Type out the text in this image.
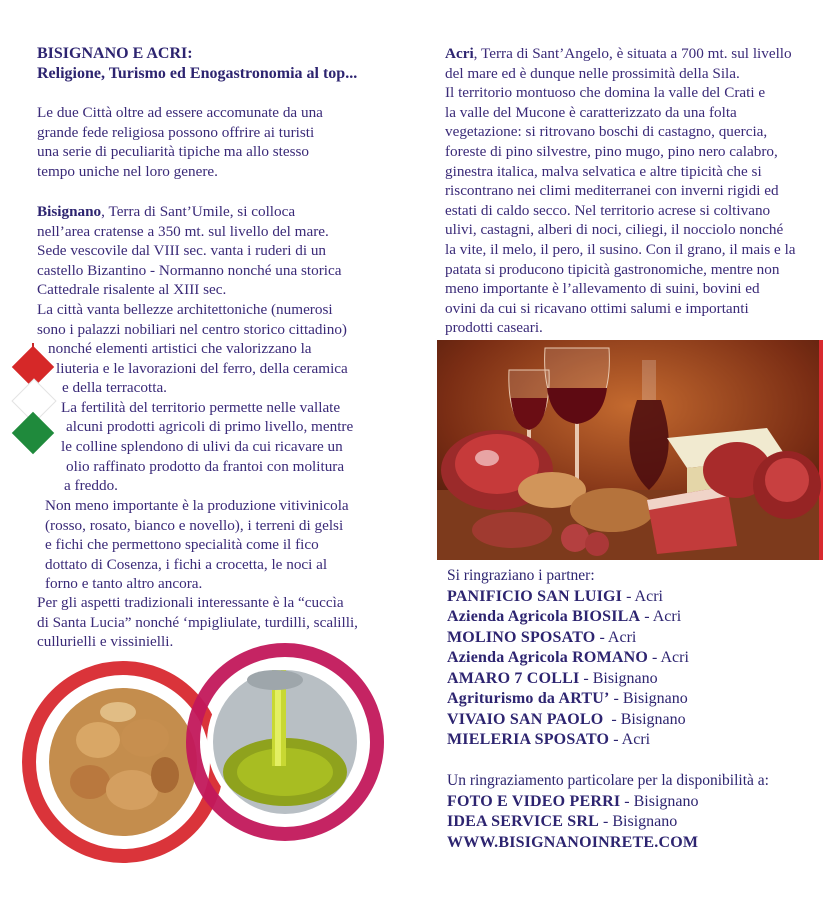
BISIGNANO E ACRI:
Religione, Turismo ed Enogastronomia al top...
Le due Città oltre ad essere accomunate da una
grande fede religiosa possono offrire ai turisti
una serie di peculiarità tipiche ma allo stesso
tempo uniche nel loro genere.
Bisignano, Terra di Sant’Umile, si colloca
nell’area cratense a 350 mt. sul livello del mare.
Sede vescovile dal VIII sec. vanta i ruderi di un
castello Bizantino - Normanno nonché una storica
Cattedrale risalente al XIII sec.
La città vanta bellezze architettoniche (numerosi
sono i palazzi nobiliari nel centro storico cittadino)
nonché elementi artistici che valorizzano la
liuteria e le lavorazioni del ferro, della ceramica
e della terracotta.
La fertilità del territorio permette nelle vallate
alcuni prodotti agricoli di primo livello, mentre
le colline splendono di ulivi da cui ricavare un
olio raffinato prodotto da frantoi con molitura
a freddo.
Non meno importante è la produzione vitivinicola
(rosso, rosato, bianco e novello), i terreni di gelsi
e fichi che permettono specialità come il fico
dottato di Cosenza, i fichi a crocetta, le noci al
forno e tanto altro ancora.
Per gli aspetti tradizionali interessante è la “cuccìa
di Santa Lucia” nonché ‘mpigliulate, turdilli, scalilli,
cullurielli e vissinielli.
Acri, Terra di Sant’Angelo, è situata a 700 mt. sul livello
del mare ed è dunque nelle prossimità della Sila.
Il territorio montuoso che domina la valle del Crati e
la valle del Mucone è caratterizzato da una folta
vegetazione: si ritrovano boschi di castagno, quercia,
foreste di pino silvestre, pino mugo, pino nero calabro,
ginestra italica, malva selvatica e altre tipicità che si
riscontrano nei climi mediterranei con inverni rigidi ed
estati di caldo secco. Nel territorio acrese si coltivano
ulivi, castagni, alberi di noci, ciliegi, il nocciolo nonché
la vite, il melo, il pero, il susino. Con il grano, il mais e la
patata si producono tipicità gastronomiche, mentre non
meno importante è l’allevamento di suini, bovini ed
ovini da cui si ricavano ottimi salumi e importanti
prodotti caseari.
Si ringraziano i partner:
PANIFICIO SAN LUIGI - Acri
Azienda Agricola BIOSILA - Acri
MOLINO SPOSATO - Acri
Azienda Agricola ROMANO - Acri
AMARO 7 COLLI - Bisignano
Agriturismo da ARTU’ - Bisignano
VIVAIO SAN PAOLO  - Bisignano
MIELERIA SPOSATO - Acri
Un ringraziamento particolare per la disponibilità a:
FOTO E VIDEO PERRI - Bisignano
IDEA SERVICE SRL - Bisignano
WWW.BISIGNANOINRETE.COM
